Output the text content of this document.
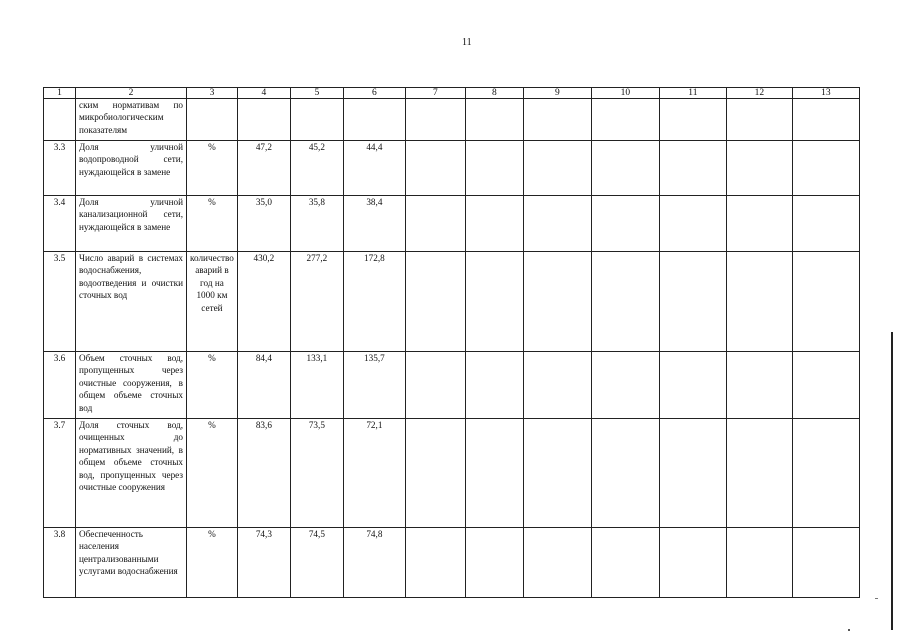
11
1	2	3	4	5	6	7	8	9	10	11	12	13
	ским нормативам по микробиологическим показателям											
3.3	Доля уличной водопроводной сети, нуждающейся в замене	%	47,2	45,2	44,4							
3.4	Доля уличной канализационной сети, нуждающейся в замене	%	35,0	35,8	38,4							
3.5	Число аварий в системах водоснабжения, водоотведения и очистки сточных вод	количество аварий в год на 1000 км сетей	430,2	277,2	172,8							
3.6	Объем сточных вод, пропущенных через очистные сооружения, в общем объеме сточных вод	%	84,4	133,1	135,7							
3.7	Доля сточных вод, очищенных до нормативных значений, в общем объеме сточных вод, пропущенных через очистные сооружения	%	83,6	73,5	72,1							
3.8	Обеспеченность населения централизованными услугами водоснабжения	%	74,3	74,5	74,8							
